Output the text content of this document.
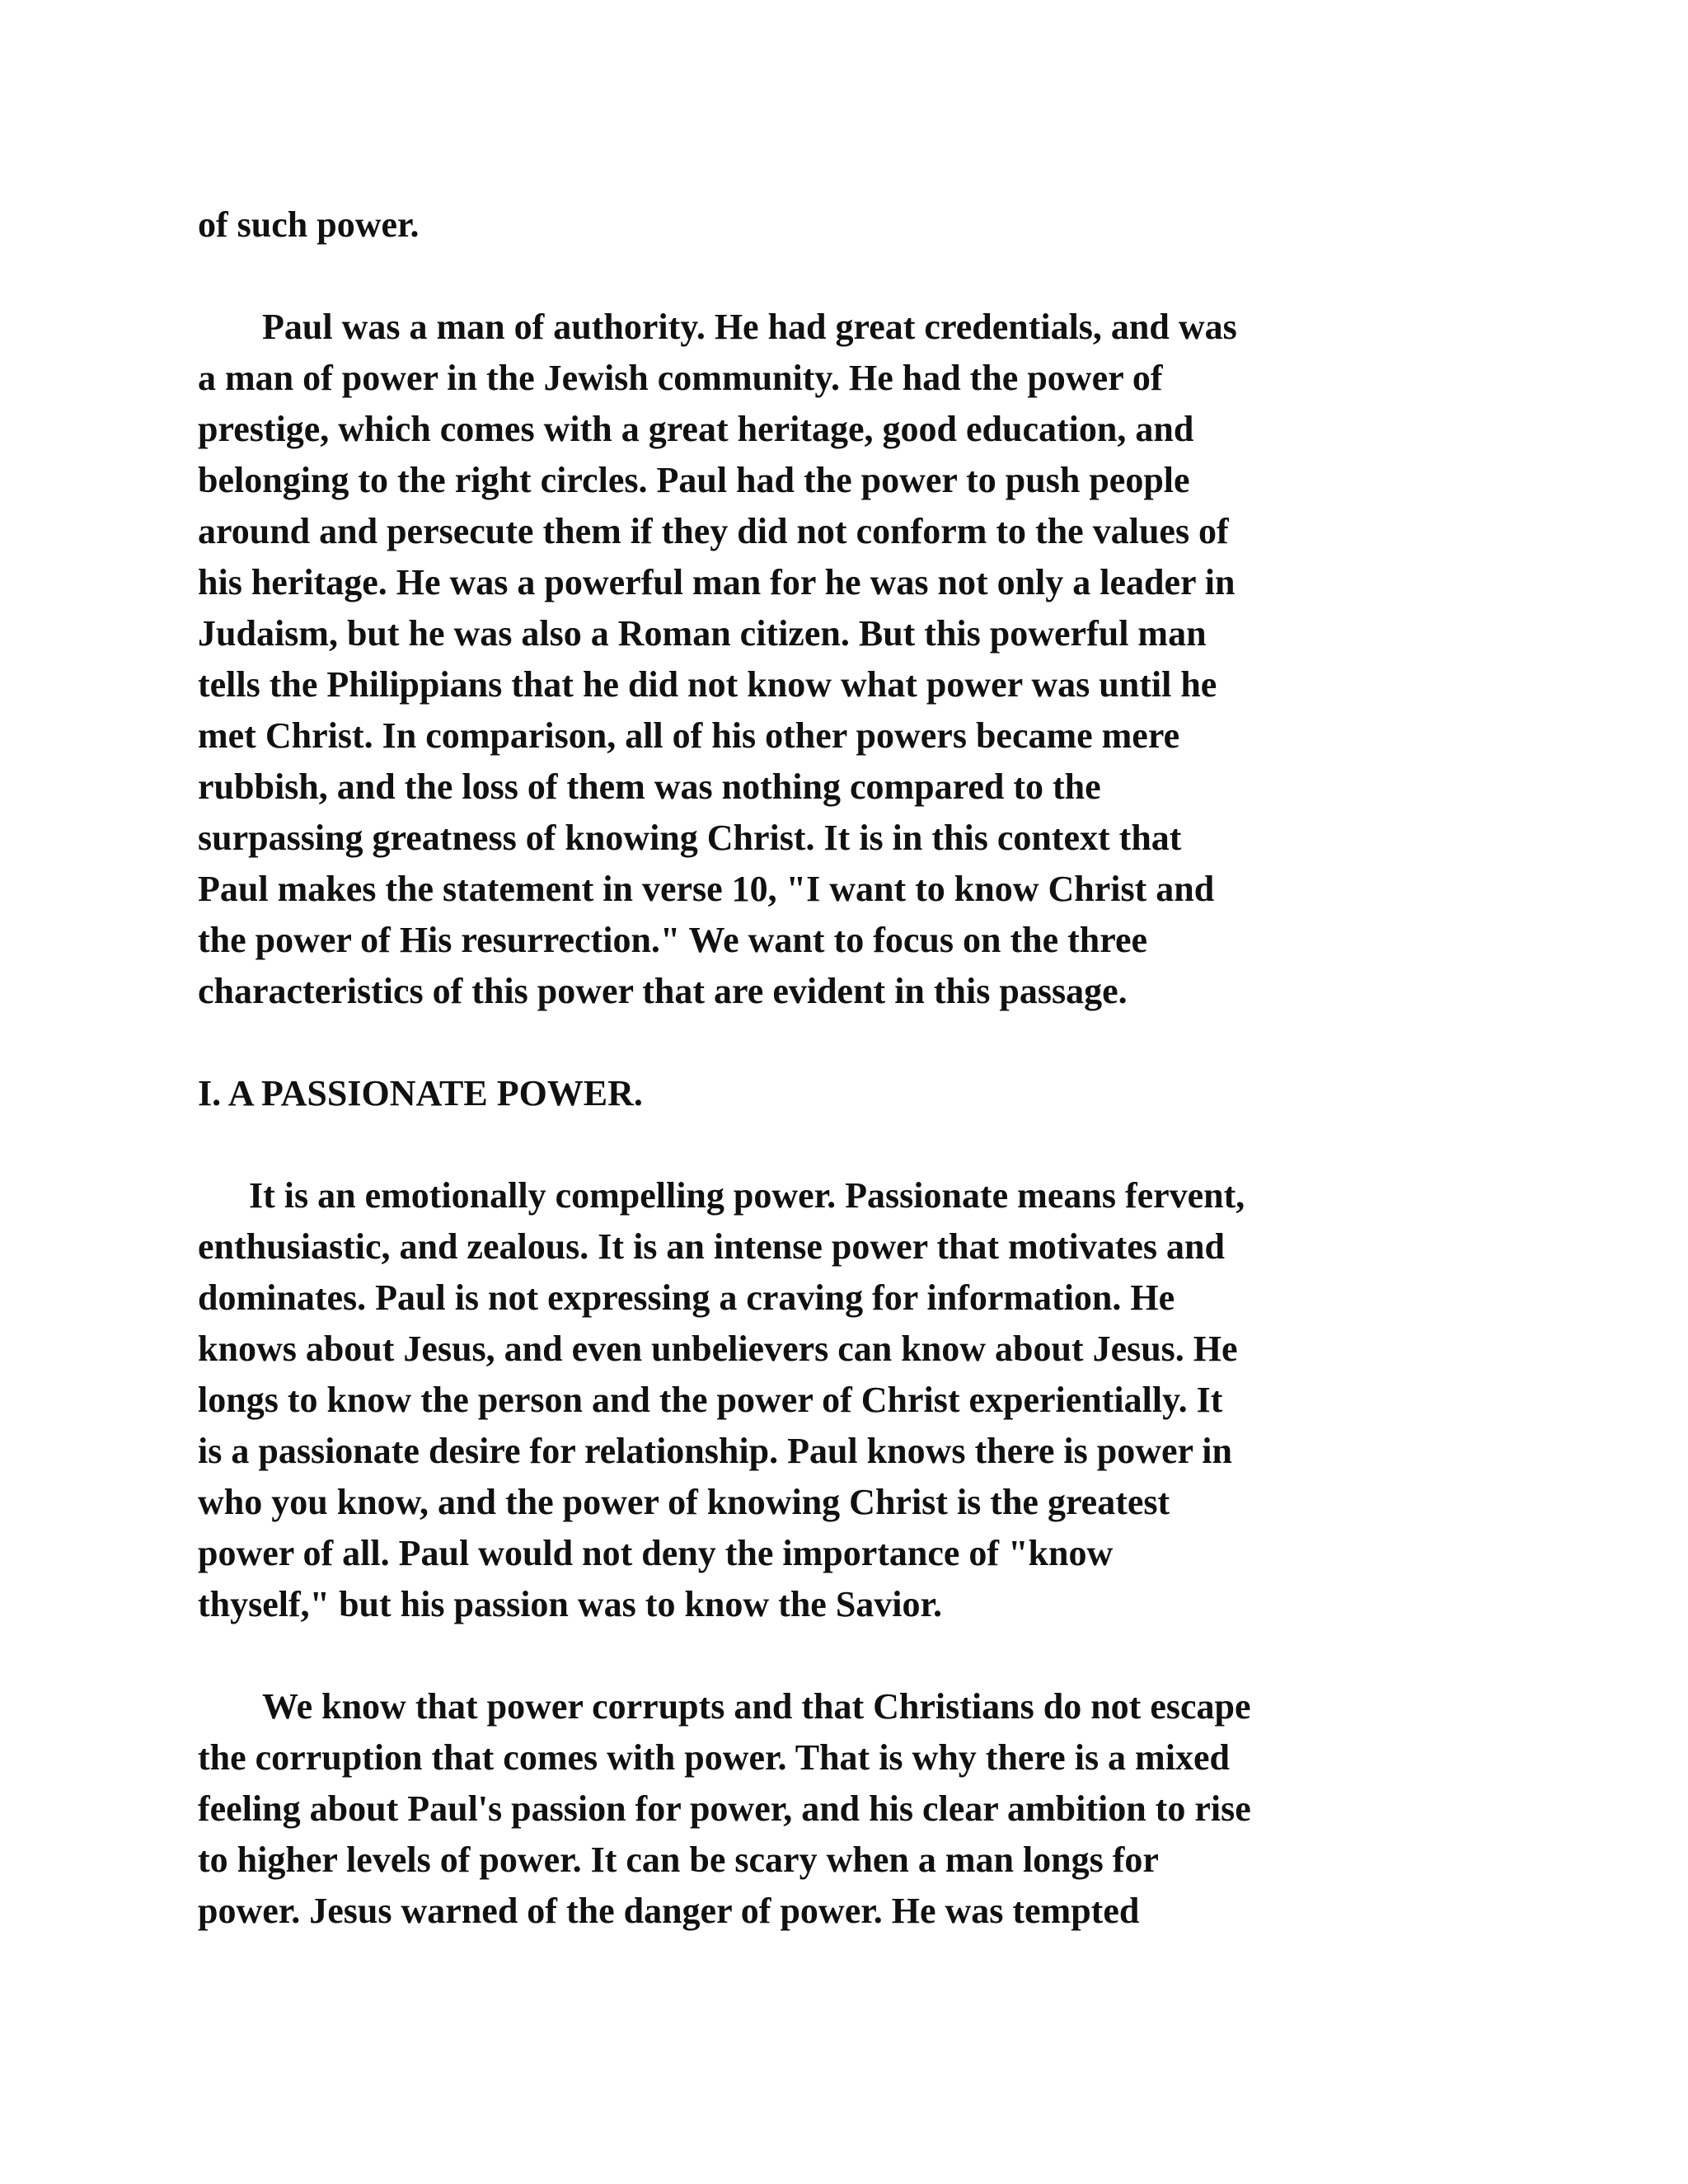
of such power.
Paul was a man of authority. He had great credentials, and was
a man of power in the Jewish community. He had the power of
prestige, which comes with a great heritage, good education, and
belonging to the right circles. Paul had the power to push people
around and persecute them if they did not conform to the values of
his heritage. He was a powerful man for he was not only a leader in
Judaism, but he was also a Roman citizen. But this powerful man
tells the Philippians that he did not know what power was until he
met Christ. In comparison, all of his other powers became mere
rubbish, and the loss of them was nothing compared to the
surpassing greatness of knowing Christ. It is in this context that
Paul makes the statement in verse 10, "I want to know Christ and
the power of His resurrection." We want to focus on the three
characteristics of this power that are evident in this passage.
I. A PASSIONATE POWER.
It is an emotionally compelling power. Passionate means fervent,
enthusiastic, and zealous. It is an intense power that motivates and
dominates. Paul is not expressing a craving for information. He
knows about Jesus, and even unbelievers can know about Jesus. He
longs to know the person and the power of Christ experientially. It
is a passionate desire for relationship. Paul knows there is power in
who you know, and the power of knowing Christ is the greatest
power of all. Paul would not deny the importance of "know
thyself," but his passion was to know the Savior.
We know that power corrupts and that Christians do not escape
the corruption that comes with power. That is why there is a mixed
feeling about Paul's passion for power, and his clear ambition to rise
to higher levels of power. It can be scary when a man longs for
power. Jesus warned of the danger of power. He was tempted
